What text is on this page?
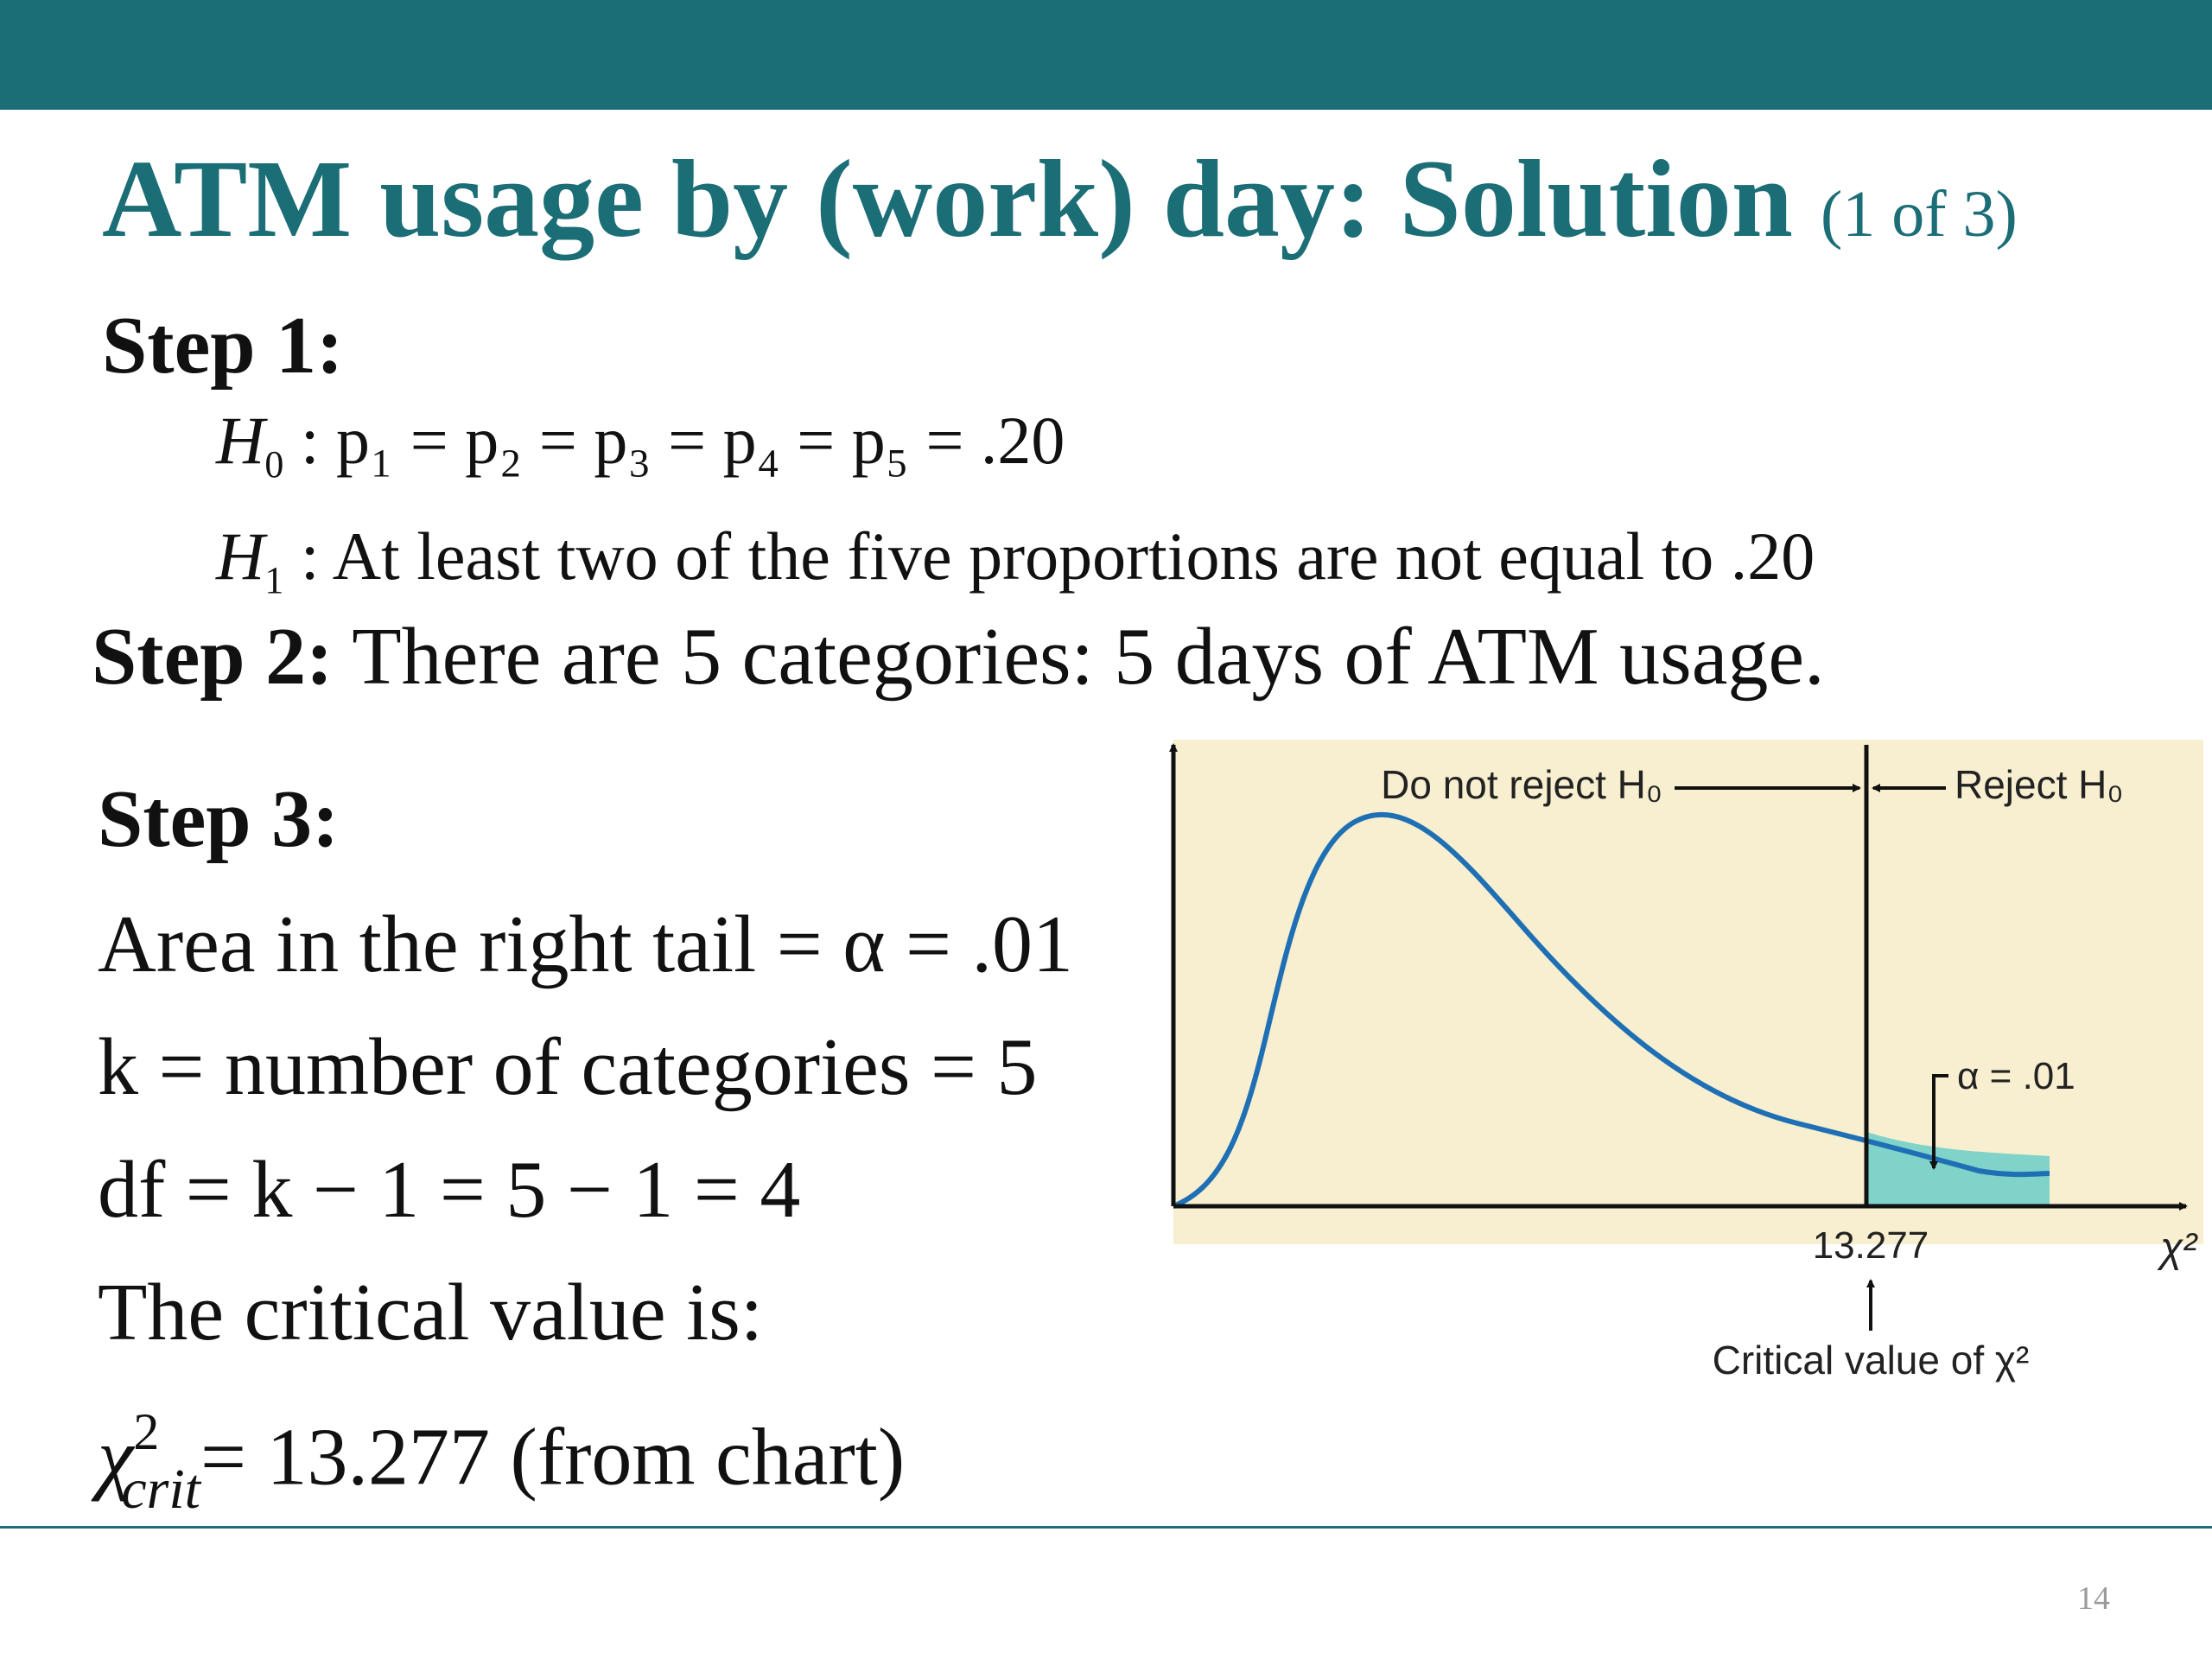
ATM usage by (work) day: Solution (1 of 3)
Step 1:
$H_0$ : p₁ = p₂ = p₃ = p₄ = p₅ = .20
$H_1$ : At least two of the five proportions are not equal to .20
Step 2: There are 5 categories: 5 days of ATM usage.
Step 3:
Area in the right tail = α = .01
k = number of categories = 5
df = k − 1 = 5 − 1 = 4
The critical value is:
$\chi^2_{crit}= 13.277$ (from chart)
Do not reject H₀	Reject H₀
α = .01
13.277	χ²
Critical value of χ²
14
